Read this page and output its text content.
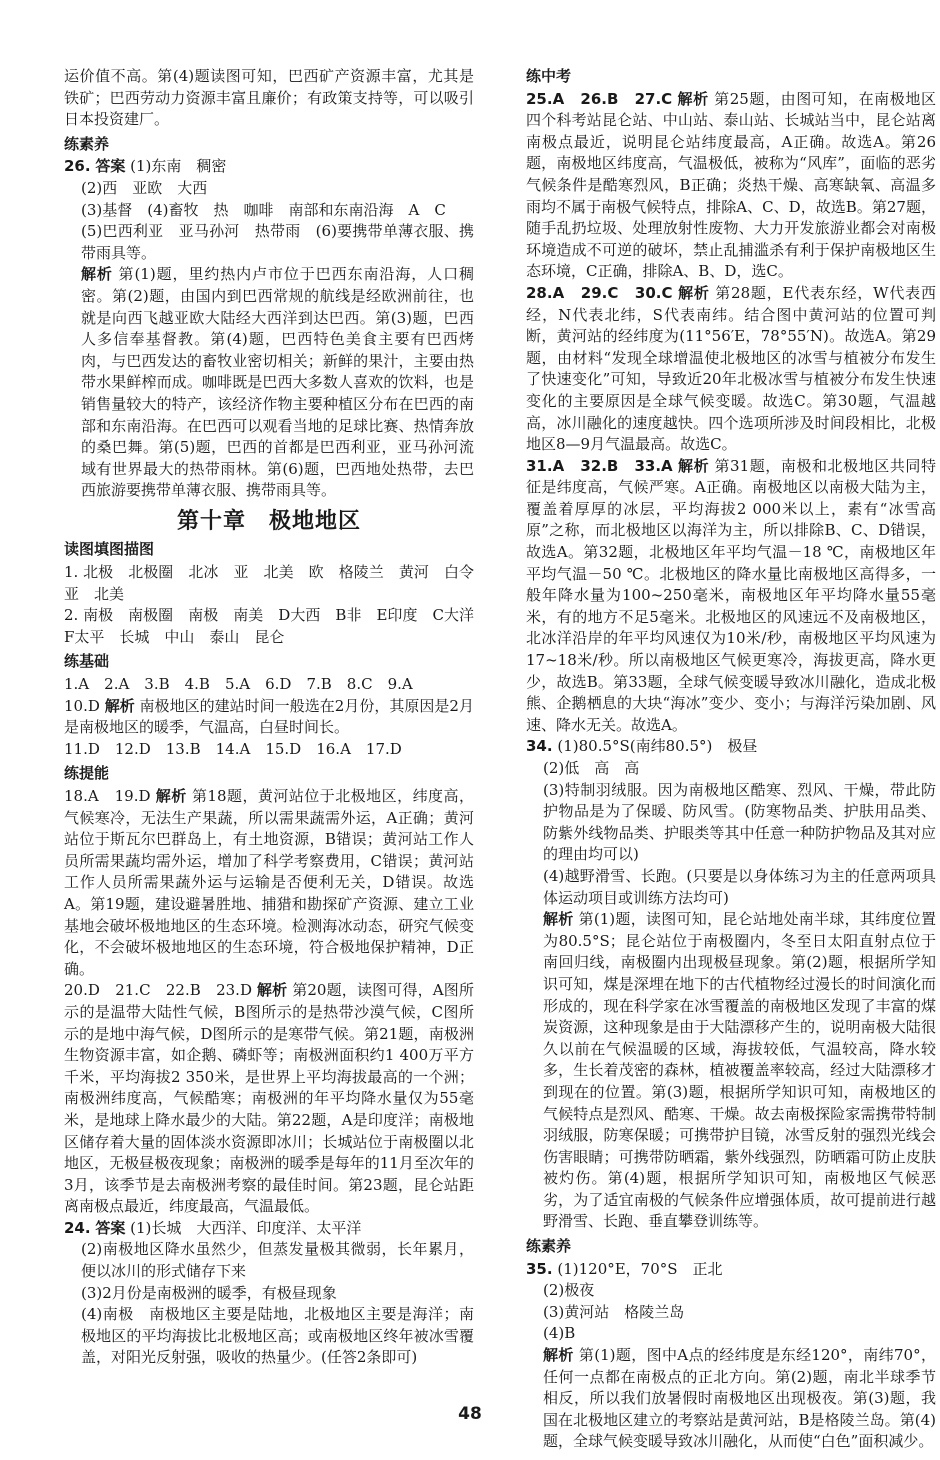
运价值不高。第(4)题读图可知，巴西矿产资源丰富，尤其是铁矿；巴西劳动力资源丰富且廉价；有政策支持等，可以吸引日本投资建厂。

练素养

26. 答案 (1)东南　稠密

(2)西　亚欧　大西

(3)基督　(4)畜牧　热　咖啡　南部和东南沿海　A　C

(5)巴西利亚　亚马孙河　热带雨　(6)要携带单薄衣服、携带雨具等。

解析 第(1)题，里约热内卢市位于巴西东南沿海，人口稠密。第(2)题，由国内到巴西常规的航线是经欧洲前往，也就是向西飞越亚欧大陆经大西洋到达巴西。第(3)题，巴西人多信奉基督教。第(4)题，巴西特色美食主要有巴西烤肉，与巴西发达的畜牧业密切相关；新鲜的果汁，主要由热带水果鲜榨而成。咖啡既是巴西大多数人喜欢的饮料，也是销售量较大的特产，该经济作物主要种植区分布在巴西的南部和东南沿海。在巴西可以观看当地的足球比赛、热情奔放的桑巴舞。第(5)题，巴西的首都是巴西利亚，亚马孙河流域有世界最大的热带雨林。第(6)题，巴西地处热带，去巴西旅游要携带单薄衣服、携带雨具等。

第十章　极地地区
读图填图描图

1. 北极　北极圈　北冰　亚　北美　欧　格陵兰　黄河　白令　亚　北美

2. 南极　南极圈　南极　南美　D大西　B非　E印度　C大洋　F太平　长城　中山　泰山　昆仑

练基础

1.A　2.A　3.B　4.B　5.A　6.D　7.B　8.C　9.A

10.D 解析 南极地区的建站时间一般选在2月份，其原因是2月是南极地区的暖季，气温高，白昼时间长。

11.D　12.D　13.B　14.A　15.D　16.A　17.D

练提能

18.A　19.D 解析 第18题，黄河站位于北极地区，纬度高，气候寒冷，无法生产果蔬，所以需果蔬需外运，A正确；黄河站位于斯瓦尔巴群岛上，有土地资源，B错误；黄河站工作人员所需果蔬均需外运，增加了科学考察费用，C错误；黄河站工作人员所需果蔬外运与运输是否便利无关，D错误。故选A。第19题，建设避暑胜地、捕猎和勘探矿产资源、建立工业基地会破坏极地地区的生态环境。检测海冰动态，研究气候变化，不会破坏极地地区的生态环境，符合极地保护精神，D正确。

20.D　21.C　22.B　23.D 解析 第20题，读图可得，A图所示的是温带大陆性气候，B图所示的是热带沙漠气候，C图所示的是地中海气候，D图所示的是寒带气候。第21题，南极洲生物资源丰富，如企鹅、磷虾等；南极洲面积约1 400万平方千米，平均海拔2 350米，是世界上平均海拔最高的一个洲；南极洲纬度高，气候酷寒；南极洲的年平均降水量仅为55毫米，是地球上降水最少的大陆。第22题，A是印度洋；南极地区储存着大量的固体淡水资源即冰川；长城站位于南极圈以北地区，无极昼极夜现象；南极洲的暖季是每年的11月至次年的3月，该季节是去南极洲考察的最佳时间。第23题，昆仑站距离南极点最近，纬度最高，气温最低。

24. 答案 (1)长城　大西洋、印度洋、太平洋

(2)南极地区降水虽然少，但蒸发量极其微弱，长年累月，便以冰川的形式储存下来

(3)2月份是南极洲的暖季，有极昼现象

(4)南极　南极地区主要是陆地，北极地区主要是海洋；南极地区的平均海拔比北极地区高；或南极地区终年被冰雪覆盖，对阳光反射强，吸收的热量少。(任答2条即可)

练中考

25.A　26.B　27.C 解析 第25题，由图可知，在南极地区四个科考站昆仑站、中山站、泰山站、长城站当中，昆仑站离南极点最近，说明昆仑站纬度最高，A正确。故选A。第26题，南极地区纬度高，气温极低，被称为“风库”，面临的恶劣气候条件是酷寒烈风，B正确；炎热干燥、高寒缺氧、高温多雨均不属于南极气候特点，排除A、C、D，故选B。第27题，随手乱扔垃圾、处理放射性废物、大力开发旅游业都会对南极环境造成不可逆的破坏，禁止乱捕滥杀有利于保护南极地区生态环境，C正确，排除A、B、D，选C。

28.A　29.C　30.C 解析 第28题，E代表东经，W代表西经，N代表北纬，S代表南纬。结合图中黄河站的位置可判断，黄河站的经纬度为(11°56′E，78°55′N)。故选A。第29题，由材料“发现全球增温使北极地区的冰雪与植被分布发生了快速变化”可知，导致近20年北极冰雪与植被分布发生快速变化的主要原因是全球气候变暖。故选C。第30题，气温越高，冰川融化的速度越快。四个选项所涉及时间段相比，北极地区8—9月气温最高。故选C。

31.A　32.B　33.A 解析 第31题，南极和北极地区共同特征是纬度高，气候严寒。A正确。南极地区以南极大陆为主，覆盖着厚厚的冰层，平均海拔2 000米以上，素有“冰雪高原”之称，而北极地区以海洋为主，所以排除B、C、D错误，故选A。第32题，北极地区年平均气温－18 ℃，南极地区年平均气温－50 ℃。北极地区的降水量比南极地区高得多，一般年降水量为100~250毫米，南极地区年平均降水量55毫米，有的地方不足5毫米。北极地区的风速远不及南极地区，北冰洋沿岸的年平均风速仅为10米/秒，南极地区平均风速为17~18米/秒。所以南极地区气候更寒冷，海拔更高，降水更少，故选B。第33题，全球气候变暖导致冰川融化，造成北极熊、企鹅栖息的大块“海冰”变少、变小；与海洋污染加剧、风速、降水无关。故选A。

34. (1)80.5°S(南纬80.5°)　极昼

(2)低　高　高

(3)特制羽绒服。因为南极地区酷寒、烈风、干燥，带此防护物品是为了保暖、防风雪。(防寒物品类、护肤用品类、防紫外线物品类、护眼类等其中任意一种防护物品及其对应的理由均可以)

(4)越野滑雪、长跑。(只要是以身体练习为主的任意两项具体运动项目或训练方法均可)

解析 第(1)题，读图可知，昆仑站地处南半球，其纬度位置为80.5°S；昆仑站位于南极圈内，冬至日太阳直射点位于南回归线，南极圈内出现极昼现象。第(2)题，根据所学知识可知，煤是深埋在地下的古代植物经过漫长的时间演化而形成的，现在科学家在冰雪覆盖的南极地区发现了丰富的煤炭资源，这种现象是由于大陆漂移产生的，说明南极大陆很久以前在气候温暖的区域，海拔较低，气温较高，降水较多，生长着茂密的森林，植被覆盖率较高，经过大陆漂移才到现在的位置。第(3)题，根据所学知识可知，南极地区的气候特点是烈风、酷寒、干燥。故去南极探险家需携带特制羽绒服，防寒保暖；可携带护目镜，冰雪反射的强烈光线会伤害眼睛；可携带防晒霜，紫外线强烈，防晒霜可防止皮肤被灼伤。第(4)题，根据所学知识可知，南极地区气候恶劣，为了适宜南极的气候条件应增强体质，故可提前进行越野滑雪、长跑、垂直攀登训练等。

练素养

35. (1)120°E，70°S　正北

(2)极夜

(3)黄河站　格陵兰岛

(4)B

解析 第(1)题，图中A点的经纬度是东经120°，南纬70°，任何一点都在南极点的正北方向。第(2)题，南北半球季节相反，所以我们放暑假时南极地区出现极夜。第(3)题，我国在北极地区建立的考察站是黄河站，B是格陵兰岛。第(4)题，全球气候变暖导致冰川融化，从而使“白色”面积减少。

48
